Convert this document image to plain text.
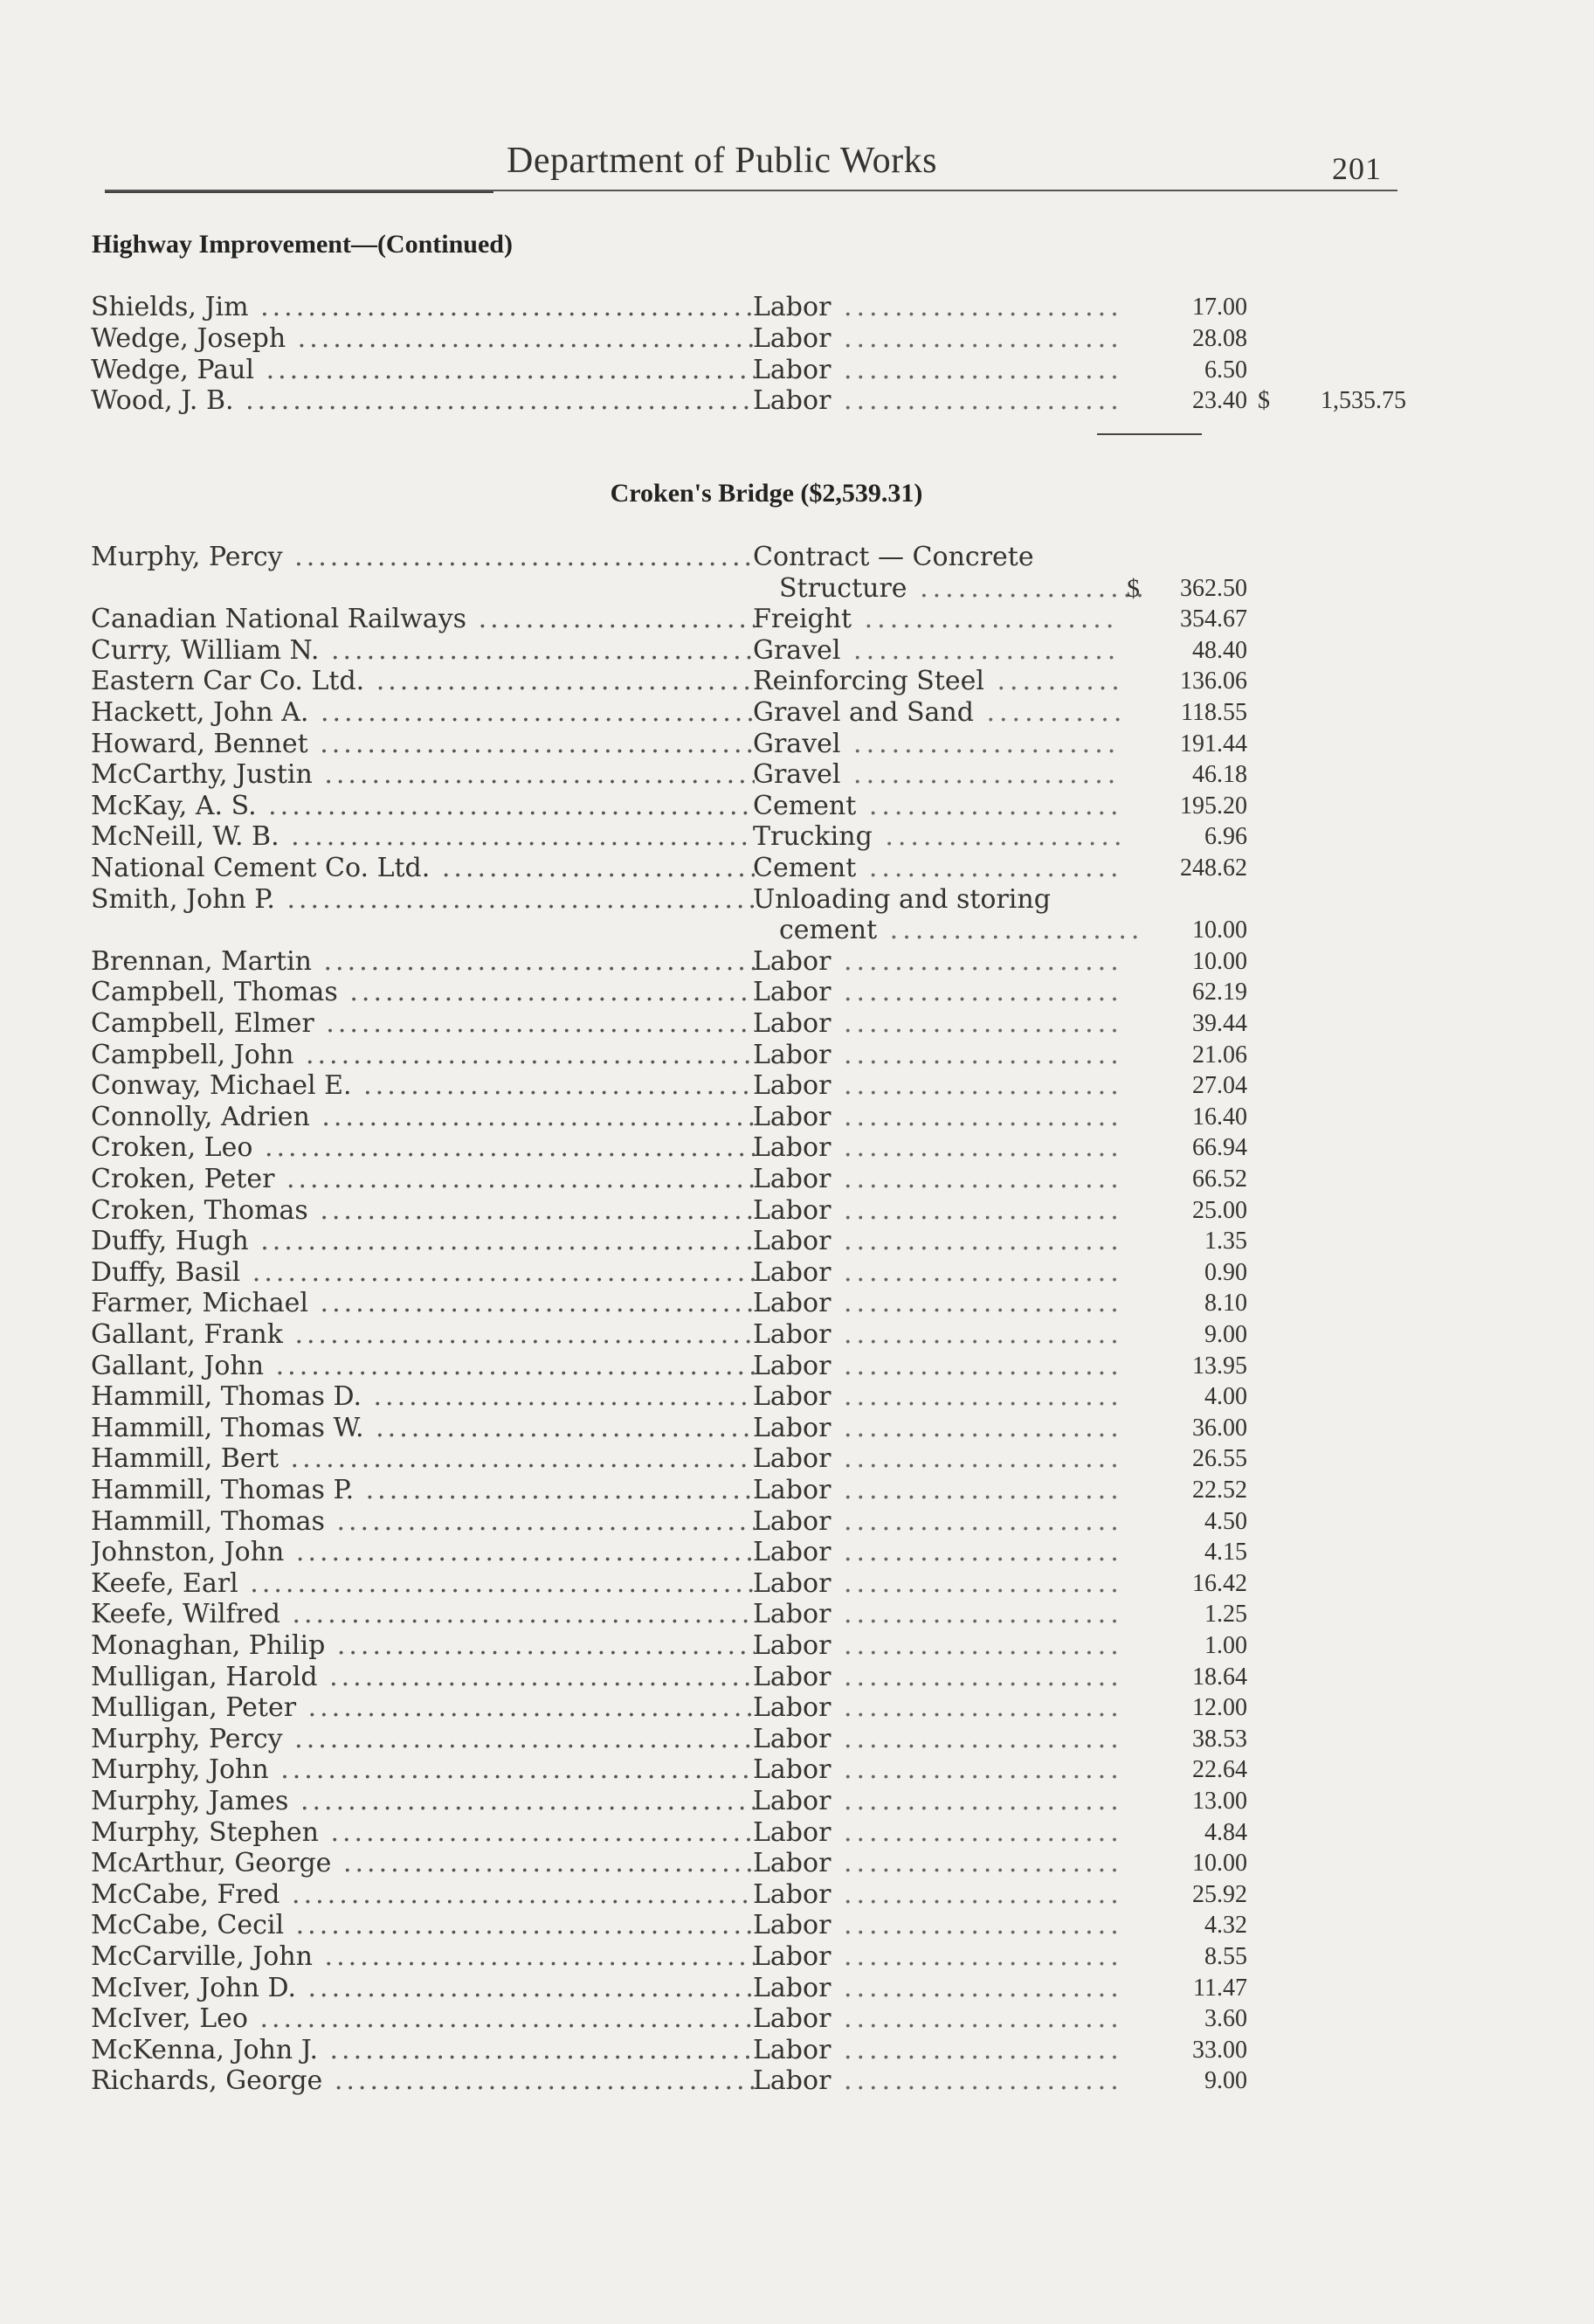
Department of Public Works	201
Highway Improvement—(Continued)
Shields, Jim .....	Labor .....	17.00
Wedge, Joseph .....	Labor .....	28.08
Wedge, Paul .....	Labor .....	6.50
Wood, J. B. .....	Labor .....	23.40 $	1,535.75
Croken's Bridge ($2,539.31)
Murphy, Percy .....	Contract — Concrete
Structure .....	$	362.50
Canadian National Railways .....	Freight .....	354.67
Curry, William N. .....	Gravel .....	48.40
Eastern Car Co. Ltd. .....	Reinforcing Steel .....	136.06
Hackett, John A. .....	Gravel and Sand .....	118.55
Howard, Bennet .....	Gravel .....	191.44
McCarthy, Justin .....	Gravel .....	46.18
McKay, A. S. .....	Cement .....	195.20
McNeill, W. B. .....	Trucking .....	6.96
National Cement Co. Ltd. .....	Cement .....	248.62
Smith, John P. .....	Unloading and storing
cement .....	10.00
Brennan, Martin .....	Labor .....	10.00
Campbell, Thomas .....	Labor .....	62.19
Campbell, Elmer .....	Labor .....	39.44
Campbell, John .....	Labor .....	21.06
Conway, Michael E. .....	Labor .....	27.04
Connolly, Adrien .....	Labor .....	16.40
Croken, Leo .....	Labor .....	66.94
Croken, Peter .....	Labor .....	66.52
Croken, Thomas .....	Labor .....	25.00
Duffy, Hugh .....	Labor .....	1.35
Duffy, Basil .....	Labor .....	0.90
Farmer, Michael .....	Labor .....	8.10
Gallant, Frank .....	Labor .....	9.00
Gallant, John .....	Labor .....	13.95
Hammill, Thomas D. .....	Labor .....	4.00
Hammill, Thomas W. .....	Labor .....	36.00
Hammill, Bert .....	Labor .....	26.55
Hammill, Thomas P. .....	Labor .....	22.52
Hammill, Thomas .....	Labor .....	4.50
Johnston, John .....	Labor .....	4.15
Keefe, Earl .....	Labor .....	16.42
Keefe, Wilfred .....	Labor .....	1.25
Monaghan, Philip .....	Labor .....	1.00
Mulligan, Harold .....	Labor .....	18.64
Mulligan, Peter .....	Labor .....	12.00
Murphy, Percy .....	Labor .....	38.53
Murphy, John .....	Labor .....	22.64
Murphy, James .....	Labor .....	13.00
Murphy, Stephen .....	Labor .....	4.84
McArthur, George .....	Labor .....	10.00
McCabe, Fred .....	Labor .....	25.92
McCabe, Cecil .....	Labor .....	4.32
McCarville, John .....	Labor .....	8.55
McIver, John D. .....	Labor .....	11.47
McIver, Leo .....	Labor .....	3.60
McKenna, John J. .....	Labor .....	33.00
Richards, George .....	Labor .....	9.00
